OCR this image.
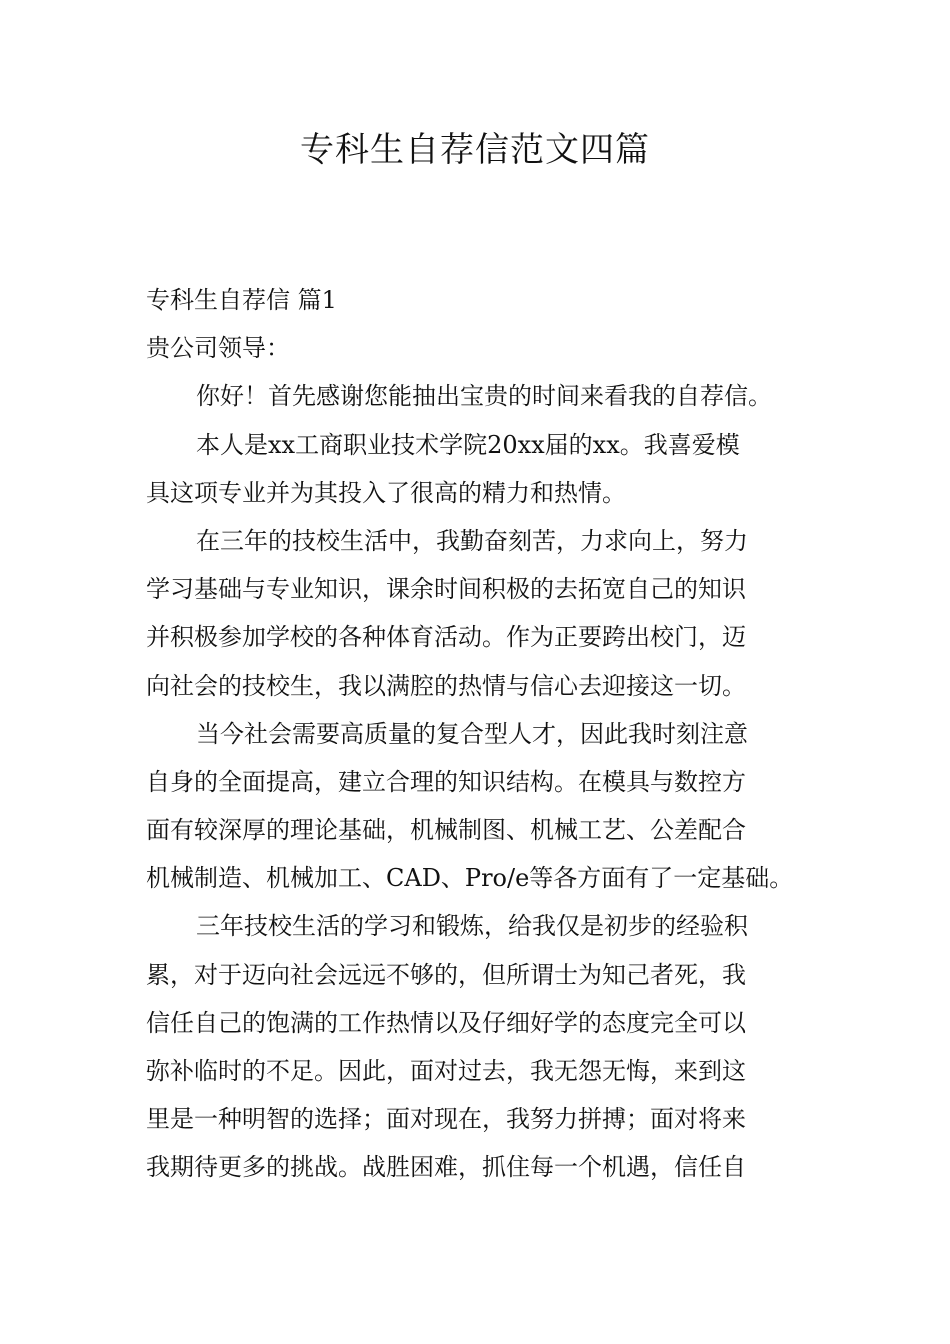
专科生自荐信范文四篇
专科生自荐信 篇1
贵公司领导：
你好！首先感谢您能抽出宝贵的时间来看我的自荐信。
本人是xx工商职业技术学院20xx届的xx。我喜爱模
具这项专业并为其投入了很高的精力和热情。
在三年的技校生活中，我勤奋刻苦，力求向上，努力
学习基础与专业知识，课余时间积极的去拓宽自己的知识
并积极参加学校的各种体育活动。作为正要跨出校门，迈
向社会的技校生，我以满腔的热情与信心去迎接这一切。
当今社会需要高质量的复合型人才，因此我时刻注意
自身的全面提高，建立合理的知识结构。在模具与数控方
面有较深厚的理论基础，机械制图、机械工艺、公差配合
机械制造、机械加工、CAD、Pro/e等各方面有了一定基础。
三年技校生活的学习和锻炼，给我仅是初步的经验积
累，对于迈向社会远远不够的，但所谓士为知己者死，我
信任自己的饱满的工作热情以及仔细好学的态度完全可以
弥补临时的不足。因此，面对过去，我无怨无悔，来到这
里是一种明智的选择；面对现在，我努力拼搏；面对将来
我期待更多的挑战。战胜困难，抓住每一个机遇，信任自
